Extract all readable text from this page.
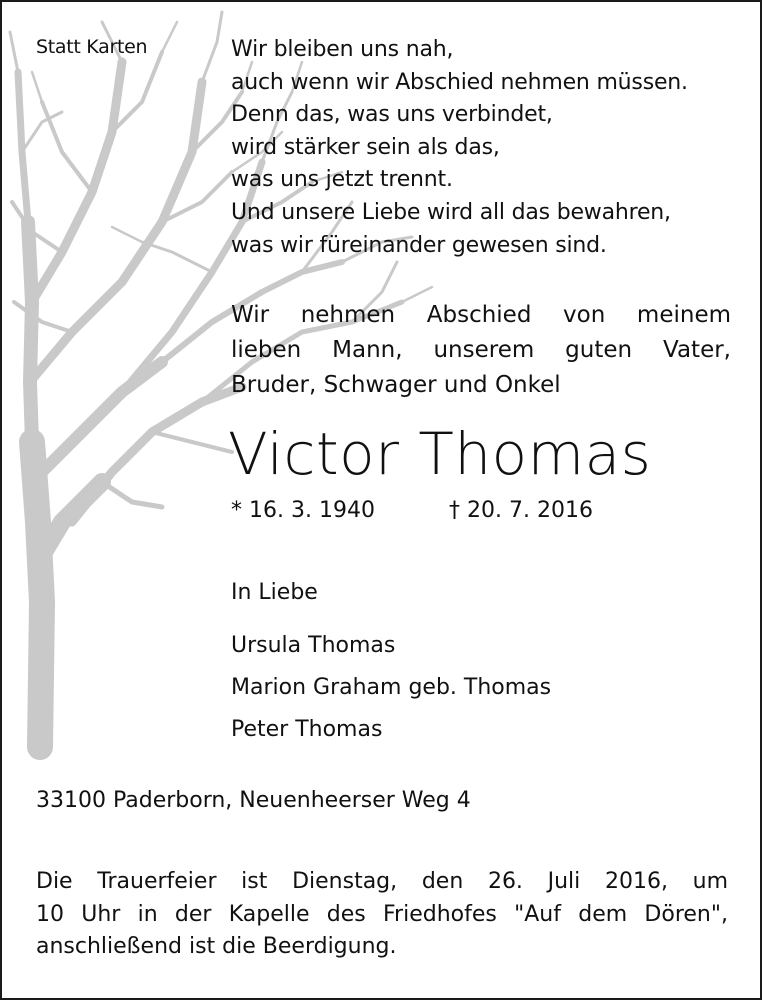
Statt Karten	Wir bleiben uns nah,
auch wenn wir Abschied nehmen müssen.
Denn das, was uns verbindet,
wird stärker sein als das,
was uns jetzt trennt.
Und unsere Liebe wird all das bewahren,
was wir füreinander gewesen sind.
Wir nehmen Abschied von meinem
lieben Mann, unserem guten Vater,
Bruder, Schwager und Onkel
Victor Thomas
* 16. 3. 1940	† 20. 7. 2016
In Liebe
Ursula Thomas
Marion Graham geb. Thomas
Peter Thomas
33100 Paderborn, Neuenheerser Weg 4
Die Trauerfeier ist Dienstag, den 26. Juli 2016, um
10 Uhr in der Kapelle des Friedhofes "Auf dem Dören",
anschließend ist die Beerdigung.
